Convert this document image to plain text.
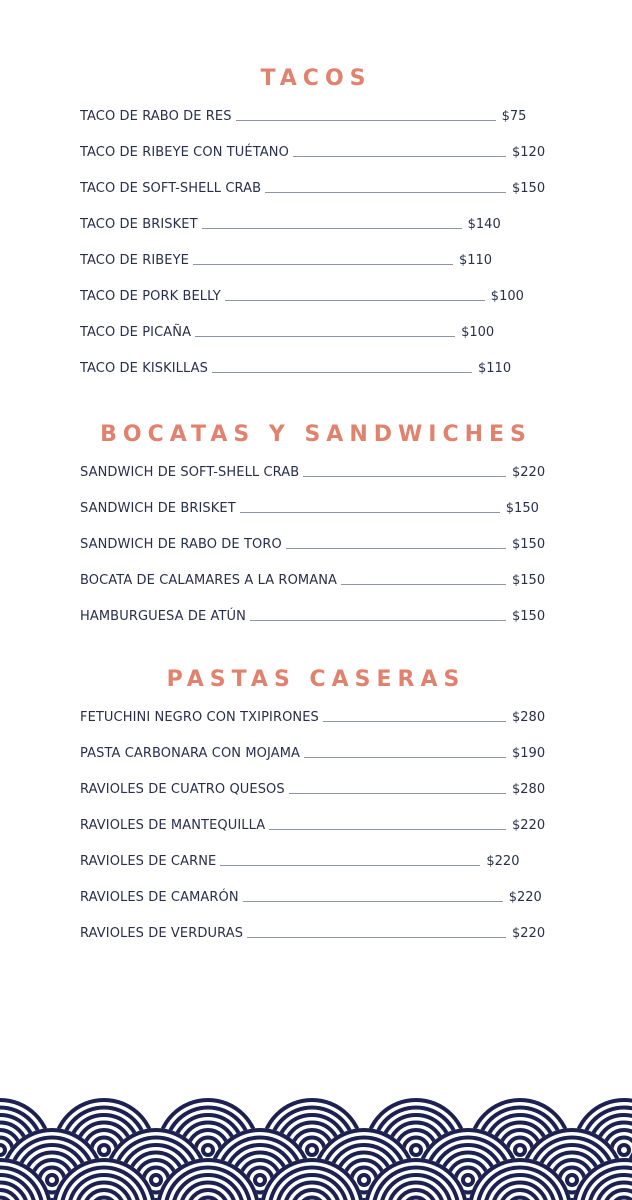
TACOS
TACO DE RABO DE RES	$75
TACO DE RIBEYE CON TUÉTANO	$120
TACO DE SOFT-SHELL CRAB	$150
TACO DE BRISKET	$140
TACO DE RIBEYE	$110
TACO DE PORK BELLY	$100
TACO DE PICAÑA	$100
TACO DE KISKILLAS	$110
BOCATAS Y SANDWICHES
SANDWICH DE SOFT-SHELL CRAB	$220
SANDWICH DE BRISKET	$150
SANDWICH DE RABO DE TORO	$150
BOCATA DE CALAMARES A LA ROMANA	$150
HAMBURGUESA DE ATÚN	$150
PASTAS CASERAS
FETUCHINI NEGRO CON TXIPIRONES	$280
PASTA CARBONARA CON MOJAMA	$190
RAVIOLES DE CUATRO QUESOS	$280
RAVIOLES DE MANTEQUILLA	$220
RAVIOLES DE CARNE	$220
RAVIOLES DE CAMARÓN	$220
RAVIOLES DE VERDURAS	$220
